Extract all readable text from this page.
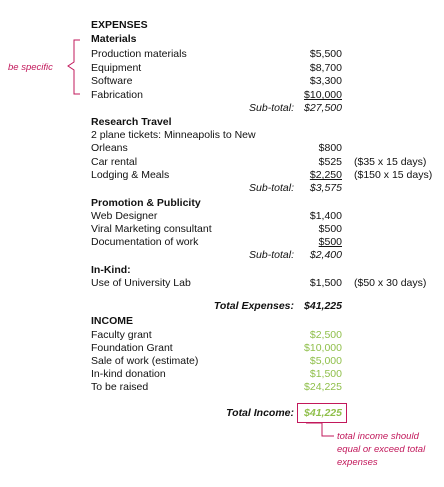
EXPENSES
Materials
Production materials	$5,500
Equipment	$8,700
Software	$3,300
Fabrication	$10,000
Sub-total: $27,500
be specific
Research Travel
2 plane tickets: Minneapolis to New
Orleans	$800
Car rental	$525 ($35 x 15 days)
Lodging & Meals	$2,250 ($150 x 15 days)
Sub-total: $3,575
Promotion & Publicity
Web Designer	$1,400
Viral Marketing consultant	$500
Documentation of work	$500
Sub-total: $2,400
In-Kind:
Use of University Lab	$1,500 ($50 x 30 days)
Total Expenses: $41,225
INCOME
Faculty grant	$2,500
Foundation Grant	$10,000
Sale of work (estimate)	$5,000
In-kind donation	$1,500
To be raised	$24,225
Total Income: $41,225
total income should
equal or exceed total
expenses
